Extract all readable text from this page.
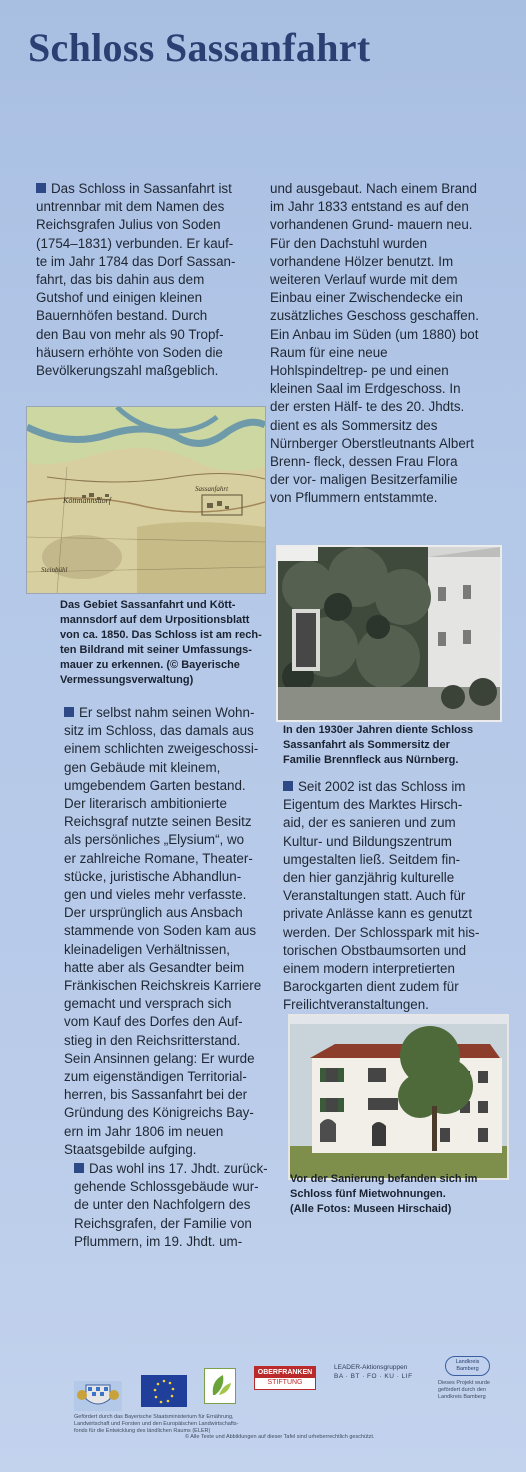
Schloss Sassanfahrt

Das Schloss in Sassanfahrt ist
untrennbar mit dem Namen des
Reichsgrafen Julius von Soden
(1754–1831) verbunden. Er kauf-
te im Jahr 1784 das Dorf Sassan-
fahrt, das bis dahin aus dem
Gutshof und einigen kleinen
Bauernhöfen bestand. Durch
den Bau von mehr als 90 Tropf-
häusern erhöhte von Soden die
Bevölkerungszahl maßgeblich.

Köttmannsdorf
Sassanfahrt
Steinbühl
Das Gebiet Sassanfahrt und Kött-
mannsdorf auf dem Urpositionsblatt
von ca. 1850. Das Schloss ist am rech-
ten Bildrand mit seiner Umfassungs-
mauer zu erkennen. (© Bayerische
Vermessungsverwaltung)

Er selbst nahm seinen Wohn-
sitz im Schloss, das damals aus
einem schlichten zweigeschossi-
gen Gebäude mit kleinem,
umgebendem Garten bestand.
Der literarisch ambitionierte
Reichsgraf nutzte seinen Besitz
als persönliches „Elysium“, wo
er zahlreiche Romane, Theater-
stücke, juristische Abhandlun-
gen und vieles mehr verfasste.
Der ursprünglich aus Ansbach
stammende von Soden kam aus
kleinadeligen Verhältnissen,
hatte aber als Gesandter beim
Fränkischen Reichskreis Karriere
gemacht und versprach sich
vom Kauf des Dorfes den Auf-
stieg in den Reichsritterstand.
Sein Ansinnen gelang: Er wurde
zum eigenständigen Territorial-
herren, bis Sassanfahrt bei der
Gründung des Königreichs Bay-
ern im Jahr 1806 im neuen
Staatsgebilde aufging.

Das wohl ins 17. Jhdt. zurück-
gehende Schlossgebäude wur-
de unter den Nachfolgern des
Reichsgrafen, der Familie von
Pflummern, im 19. Jhdt. um-

und ausgebaut. Nach einem Brand im Jahr 1833 entstand es auf den vorhandenen Grund- mauern neu. Für den Dachstuhl wurden vorhandene Hölzer benutzt. Im weiteren Verlauf wurde mit dem Einbau einer Zwischendecke ein zusätzliches Geschoss geschaffen. Ein Anbau im Süden (um 1880) bot Raum für eine neue Hohlspindeltrep- pe und einen kleinen Saal im Erdgeschoss. In der ersten Hälf- te des 20. Jhdts. dient es als Sommersitz des Nürnberger Oberstleutnants Albert Brenn- fleck, dessen Frau Flora der vor- maligen Besitzerfamilie von Pflummern entstammte.
In den 1930er Jahren diente Schloss
Sassanfahrt als Sommersitz der
Familie Brennfleck aus Nürnberg.

Seit 2002 ist das Schloss im
Eigentum des Marktes Hirsch-
aid, der es sanieren und zum
Kultur- und Bildungszentrum
umgestalten ließ. Seitdem fin-
den hier ganzjährig kulturelle
Veranstaltungen statt. Auch für
private Anlässe kann es genutzt
werden. Der Schlosspark mit his-
torischen Obstbaumsorten und
einem modern interpretierten
Barockgarten dient zudem für
Freilichtveranstaltungen.

Vor der Sanierung befanden sich im
Schloss fünf Mietwohnungen.
(Alle Fotos: Museen Hirschaid)
OBERFRANKEN
STIFTUNG
LEADER-Aktionsgruppen
BA · BT · FO · KU · LIF
Landkreis
Bamberg
Dieses Projekt wurde
gefördert durch den
Landkreis Bamberg
Gefördert durch das Bayerische Staatsministerium für Ernährung,
Landwirtschaft und Forsten und den Europäischen Landwirtschafts-
fonds für die Entwicklung des ländlichen Raums (ELER)
© Alle Texte und Abbildungen auf dieser Tafel sind urheberrechtlich geschützt.
